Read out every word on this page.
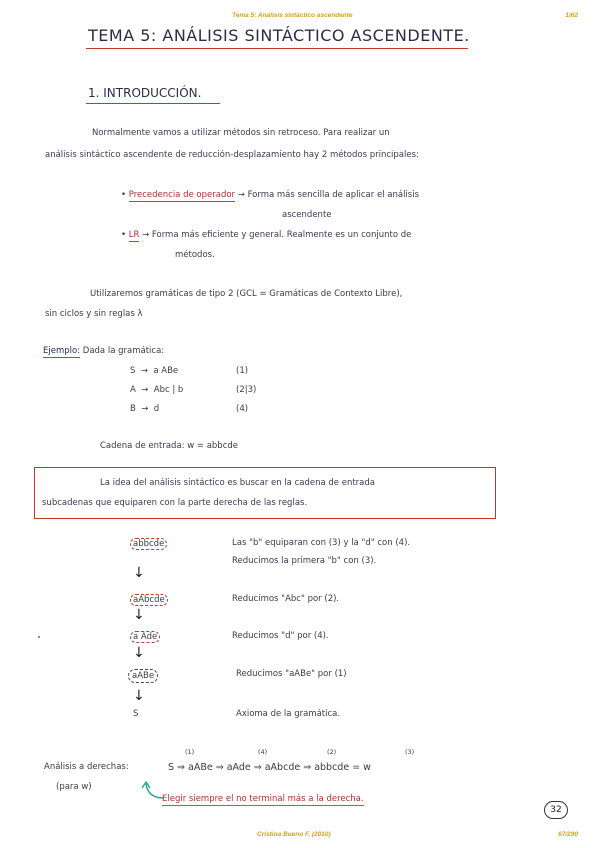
Tema 5: Análisis sintáctico ascendente	1/62
TEMA 5: ANÁLISIS SINTÁCTICO ASCENDENTE.
1. INTRODUCCIÓN.
Normalmente vamos a utilizar métodos sin retroceso. Para realizar un
análisis sintáctico ascendente de reducción-desplazamiento hay 2 métodos principales:
• Precedencia de operador → Forma más sencilla de aplicar el análisis
ascendente
• LR → Forma más eficiente y general. Realmente es un conjunto de
métodos.
Utilizaremos gramáticas de tipo 2 (GCL = Gramáticas de Contexto Libre),
sin ciclos y sin reglas λ
Ejemplo: Dada la gramática:
S → a ABe	(1)
A → Abc | b	(2|3)
B → d	(4)
Cadena de entrada: w = abbcde
La idea del análisis sintáctico es buscar en la cadena de entrada
subcadenas que equiparen con la parte derecha de las reglas.
abbcde	Las "b" equiparan con (3) y la "d" con (4).
Reducimos la primera "b" con (3).
↓
aAbcde	Reducimos "Abc" por (2).
↓
a Ade	Reducimos "d" por (4).
↓
aABe	Reducimos "aABe" por (1)
↓
S	Axioma de la gramática.
(1)	(4)	(2)	(3)
Análisis a derechas:	S ⇒ aABe ⇒ aAde ⇒ aAbcde ⇒ abbcde = w
(para w)
Elegir siempre el no terminal más a la derecha.
32
Cristina Bueno F. (2010)	67/290
